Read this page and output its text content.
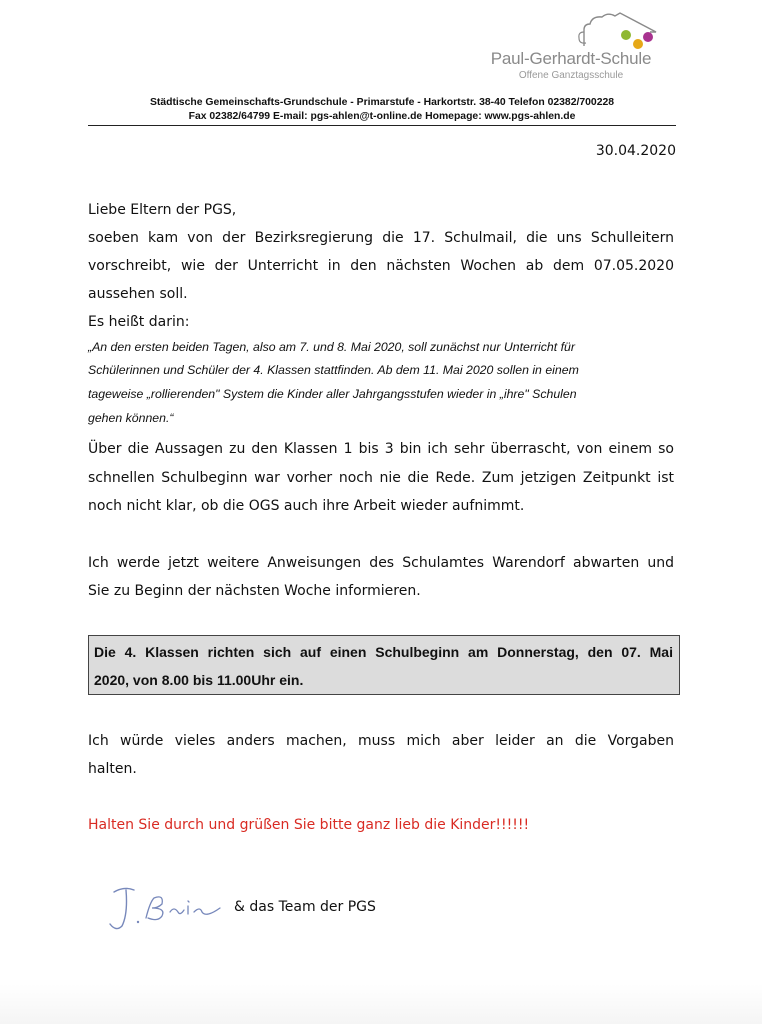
Paul-Gerhardt-Schule
Offene Ganztagsschule
Städtische Gemeinschafts-Grundschule - Primarstufe - Harkortstr. 38-40 Telefon 02382/700228
Fax 02382/64799 E-mail: pgs-ahlen@t-online.de Homepage: www.pgs-ahlen.de
30.04.2020
Liebe Eltern der PGS,
soeben kam von der Bezirksregierung die 17. Schulmail, die uns Schulleitern
vorschreibt, wie der Unterricht in den nächsten Wochen ab dem 07.05.2020
aussehen soll.
Es heißt darin:
„An den ersten beiden Tagen, also am 7. und 8. Mai 2020, soll zunächst nur Unterricht für
Schülerinnen und Schüler der 4. Klassen stattfinden. Ab dem 11. Mai 2020 sollen in einem
tageweise „rollierenden" System die Kinder aller Jahrgangsstufen wieder in „ihre" Schulen
gehen können.“
Über die Aussagen zu den Klassen 1 bis 3 bin ich sehr überrascht, von einem so
schnellen Schulbeginn war vorher noch nie die Rede. Zum jetzigen Zeitpunkt ist
noch nicht klar, ob die OGS auch ihre Arbeit wieder aufnimmt.
Ich werde jetzt weitere Anweisungen des Schulamtes Warendorf abwarten und
Sie zu Beginn der nächsten Woche informieren.
Die 4. Klassen richten sich auf einen Schulbeginn am Donnerstag, den 07. Mai
2020, von 8.00 bis 11.00Uhr ein.
Ich würde vieles anders machen, muss mich aber leider an die Vorgaben
halten.
Halten Sie durch und grüßen Sie bitte ganz lieb die Kinder!!!!!!
& das Team der PGS
